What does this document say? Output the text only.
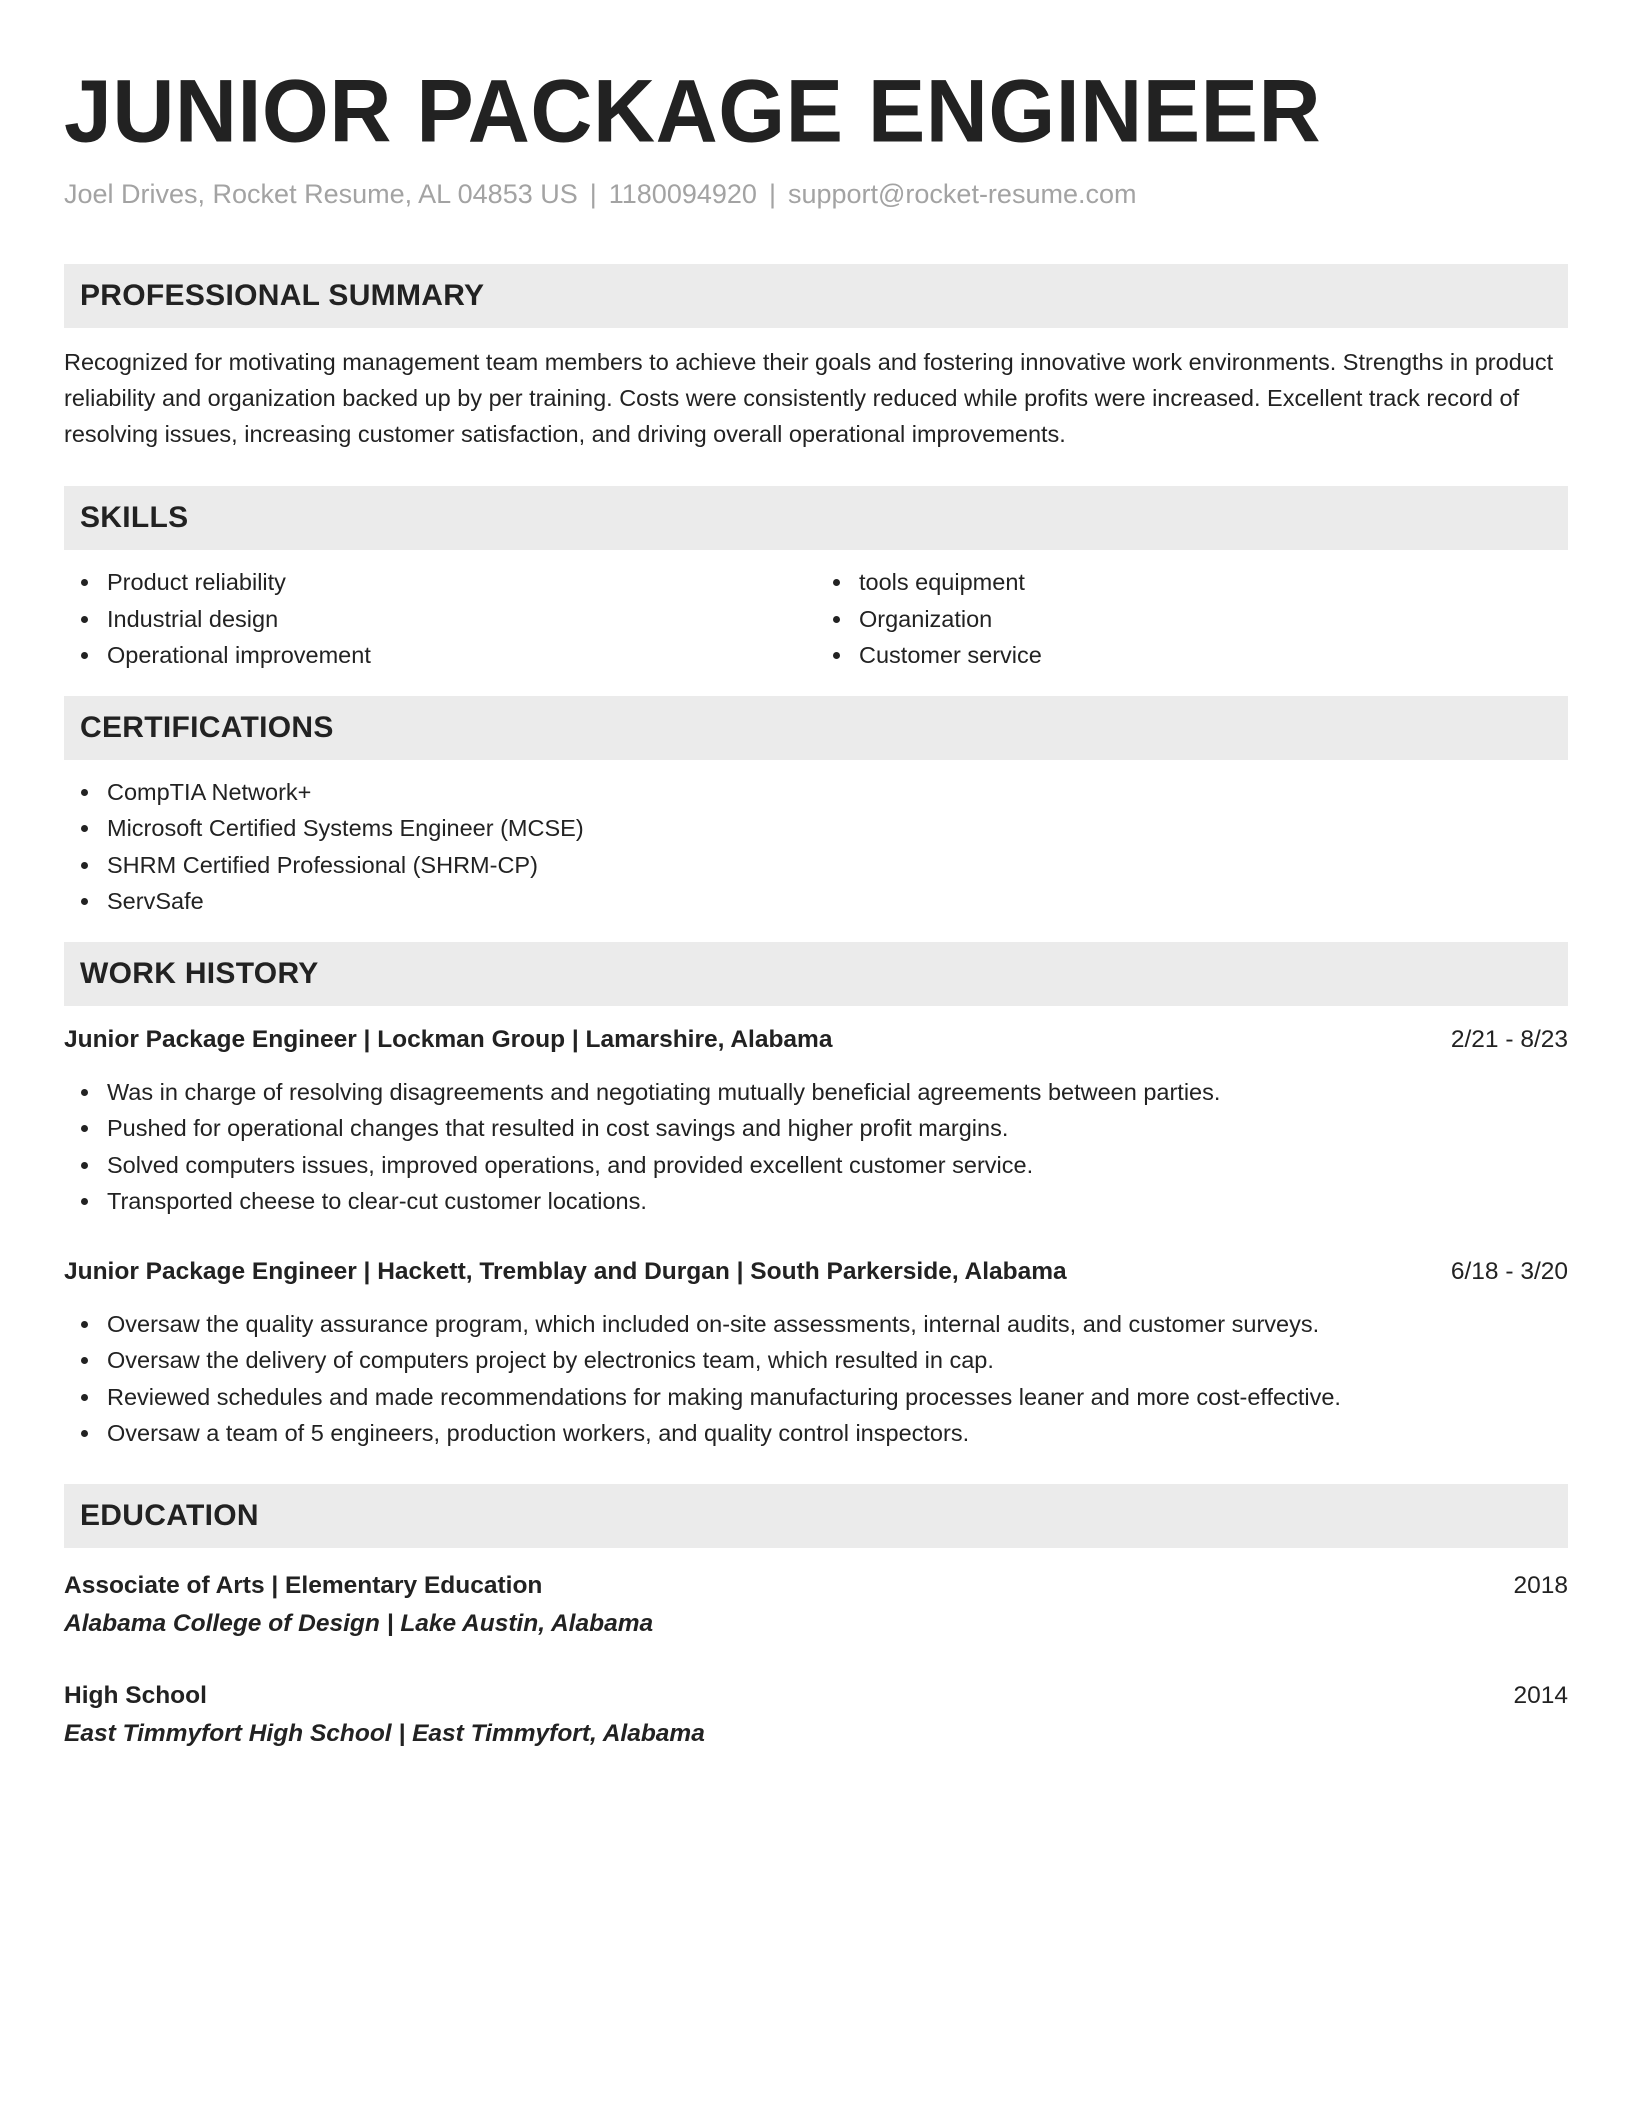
JUNIOR PACKAGE ENGINEER
Joel Drives, Rocket Resume, AL 04853 US | 1180094920 | support@rocket-resume.com
PROFESSIONAL SUMMARY
Recognized for motivating management team members to achieve their goals and fostering innovative work environments. Strengths in product reliability and organization backed up by per training. Costs were consistently reduced while profits were increased. Excellent track record of resolving issues, increasing customer satisfaction, and driving overall operational improvements.
SKILLS
Product reliability
Industrial design
Operational improvement
tools equipment
Organization
Customer service
CERTIFICATIONS
CompTIA Network+
Microsoft Certified Systems Engineer (MCSE)
SHRM Certified Professional (SHRM-CP)
ServSafe
WORK HISTORY
Junior Package Engineer | Lockman Group | Lamarshire, Alabama	2/21 - 8/23
Was in charge of resolving disagreements and negotiating mutually beneficial agreements between parties.
Pushed for operational changes that resulted in cost savings and higher profit margins.
Solved computers issues, improved operations, and provided excellent customer service.
Transported cheese to clear-cut customer locations.
Junior Package Engineer | Hackett, Tremblay and Durgan | South Parkerside, Alabama	6/18 - 3/20
Oversaw the quality assurance program, which included on-site assessments, internal audits, and customer surveys.
Oversaw the delivery of computers project by electronics team, which resulted in cap.
Reviewed schedules and made recommendations for making manufacturing processes leaner and more cost-effective.
Oversaw a team of 5 engineers, production workers, and quality control inspectors.
EDUCATION
Associate of Arts | Elementary Education	2018
Alabama College of Design | Lake Austin, Alabama
High School	2014
East Timmyfort High School | East Timmyfort, Alabama
